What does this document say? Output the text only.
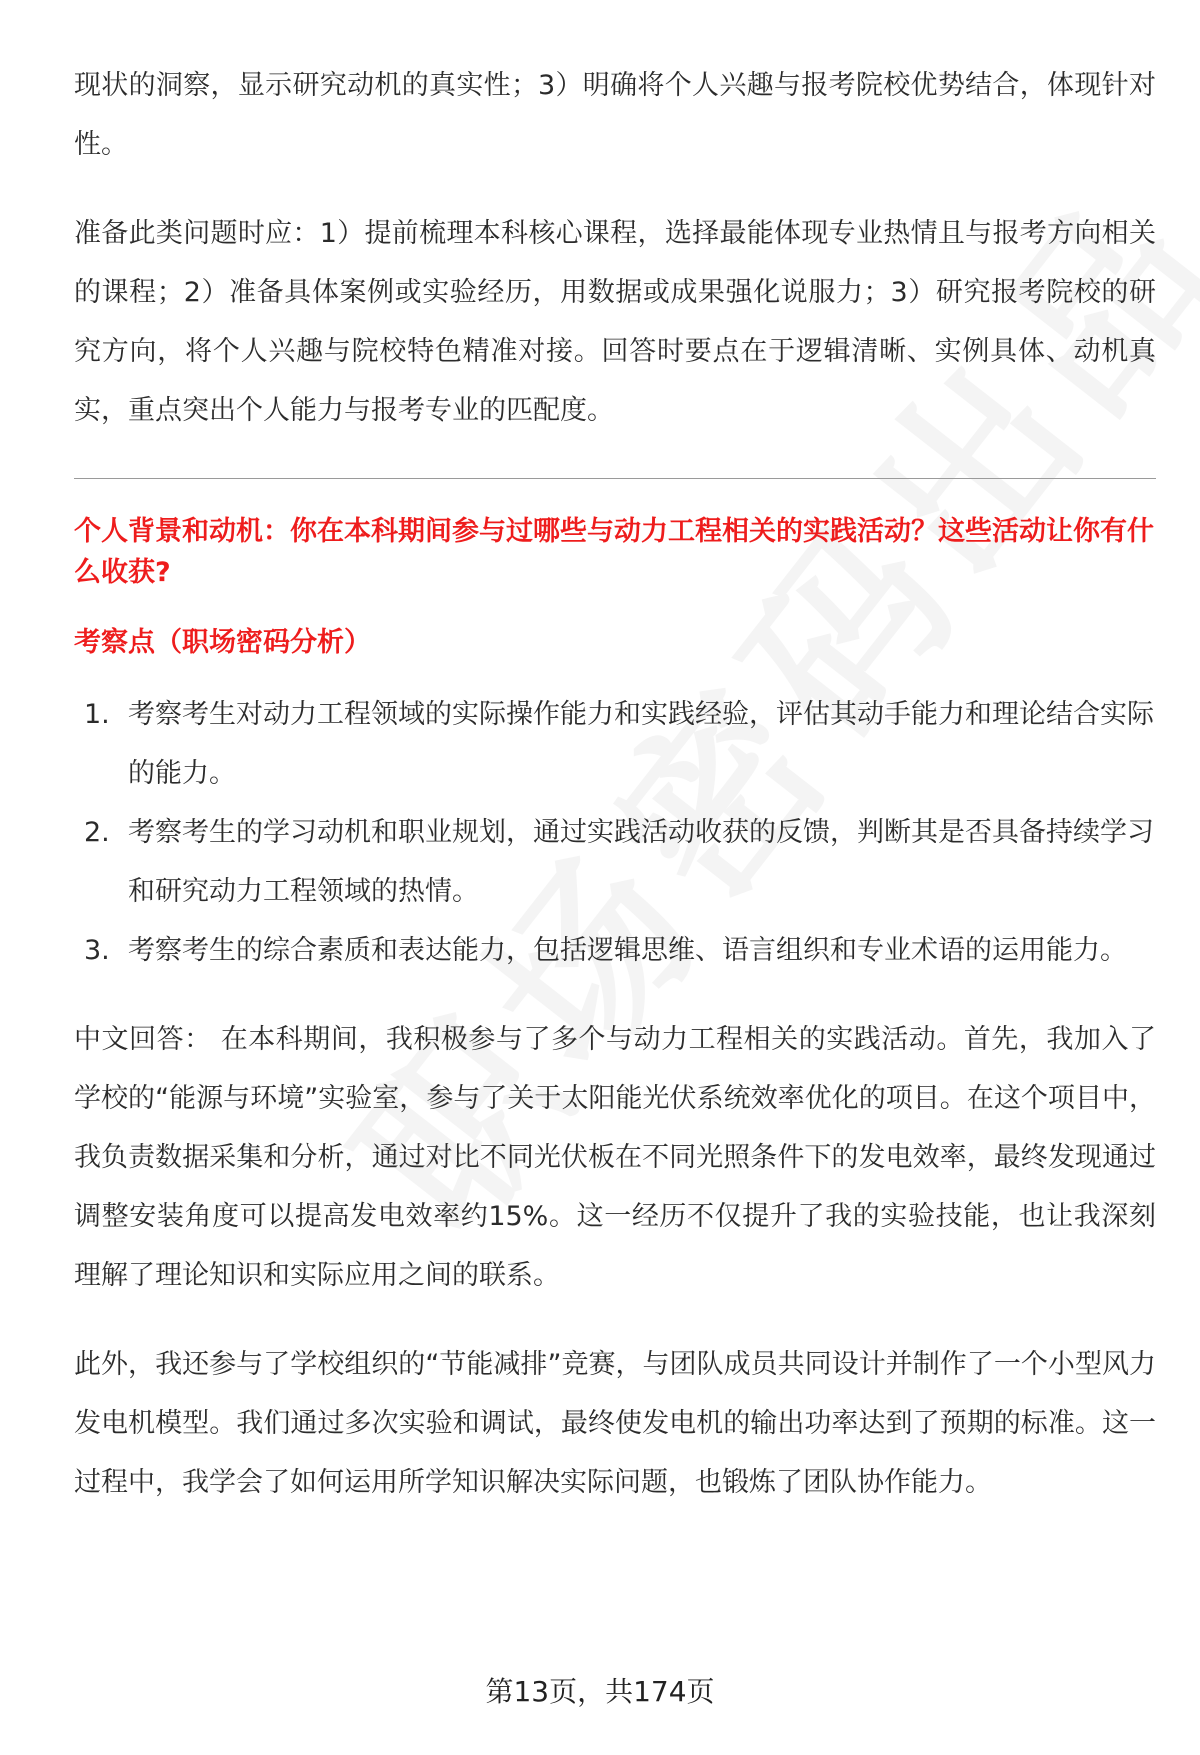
现状的洞察，显示研究动机的真实性；3）明确将个人兴趣与报考院校优势结合，体现针对性。

准备此类问题时应：1）提前梳理本科核心课程，选择最能体现专业热情且与报考方向相关的课程；2）准备具体案例或实验经历，用数据或成果强化说服力；3）研究报考院校的研究方向，将个人兴趣与院校特色精准对接。回答时要点在于逻辑清晰、实例具体、动机真实，重点突出个人能力与报考专业的匹配度。

个人背景和动机：你在本科期间参与过哪些与动力工程相关的实践活动？这些活动让你有什么收获?

考察点（职场密码分析）

1. 考察考生对动力工程领域的实际操作能力和实践经验，评估其动手能力和理论结合实际的能力。
2. 考察考生的学习动机和职业规划，通过实践活动收获的反馈，判断其是否具备持续学习和研究动力工程领域的热情。
3. 考察考生的综合素质和表达能力，包括逻辑思维、语言组织和专业术语的运用能力。

中文回答： 在本科期间，我积极参与了多个与动力工程相关的实践活动。首先，我加入了学校的“能源与环境”实验室，参与了关于太阳能光伏系统效率优化的项目。在这个项目中，我负责数据采集和分析，通过对比不同光伏板在不同光照条件下的发电效率，最终发现通过调整安装角度可以提高发电效率约15%。这一经历不仅提升了我的实验技能，也让我深刻理解了理论知识和实际应用之间的联系。

此外，我还参与了学校组织的“节能减排”竞赛，与团队成员共同设计并制作了一个小型风力发电机模型。我们通过多次实验和调试，最终使发电机的输出功率达到了预期的标准。这一过程中，我学会了如何运用所学知识解决实际问题，也锻炼了团队协作能力。

第13页，共174页
